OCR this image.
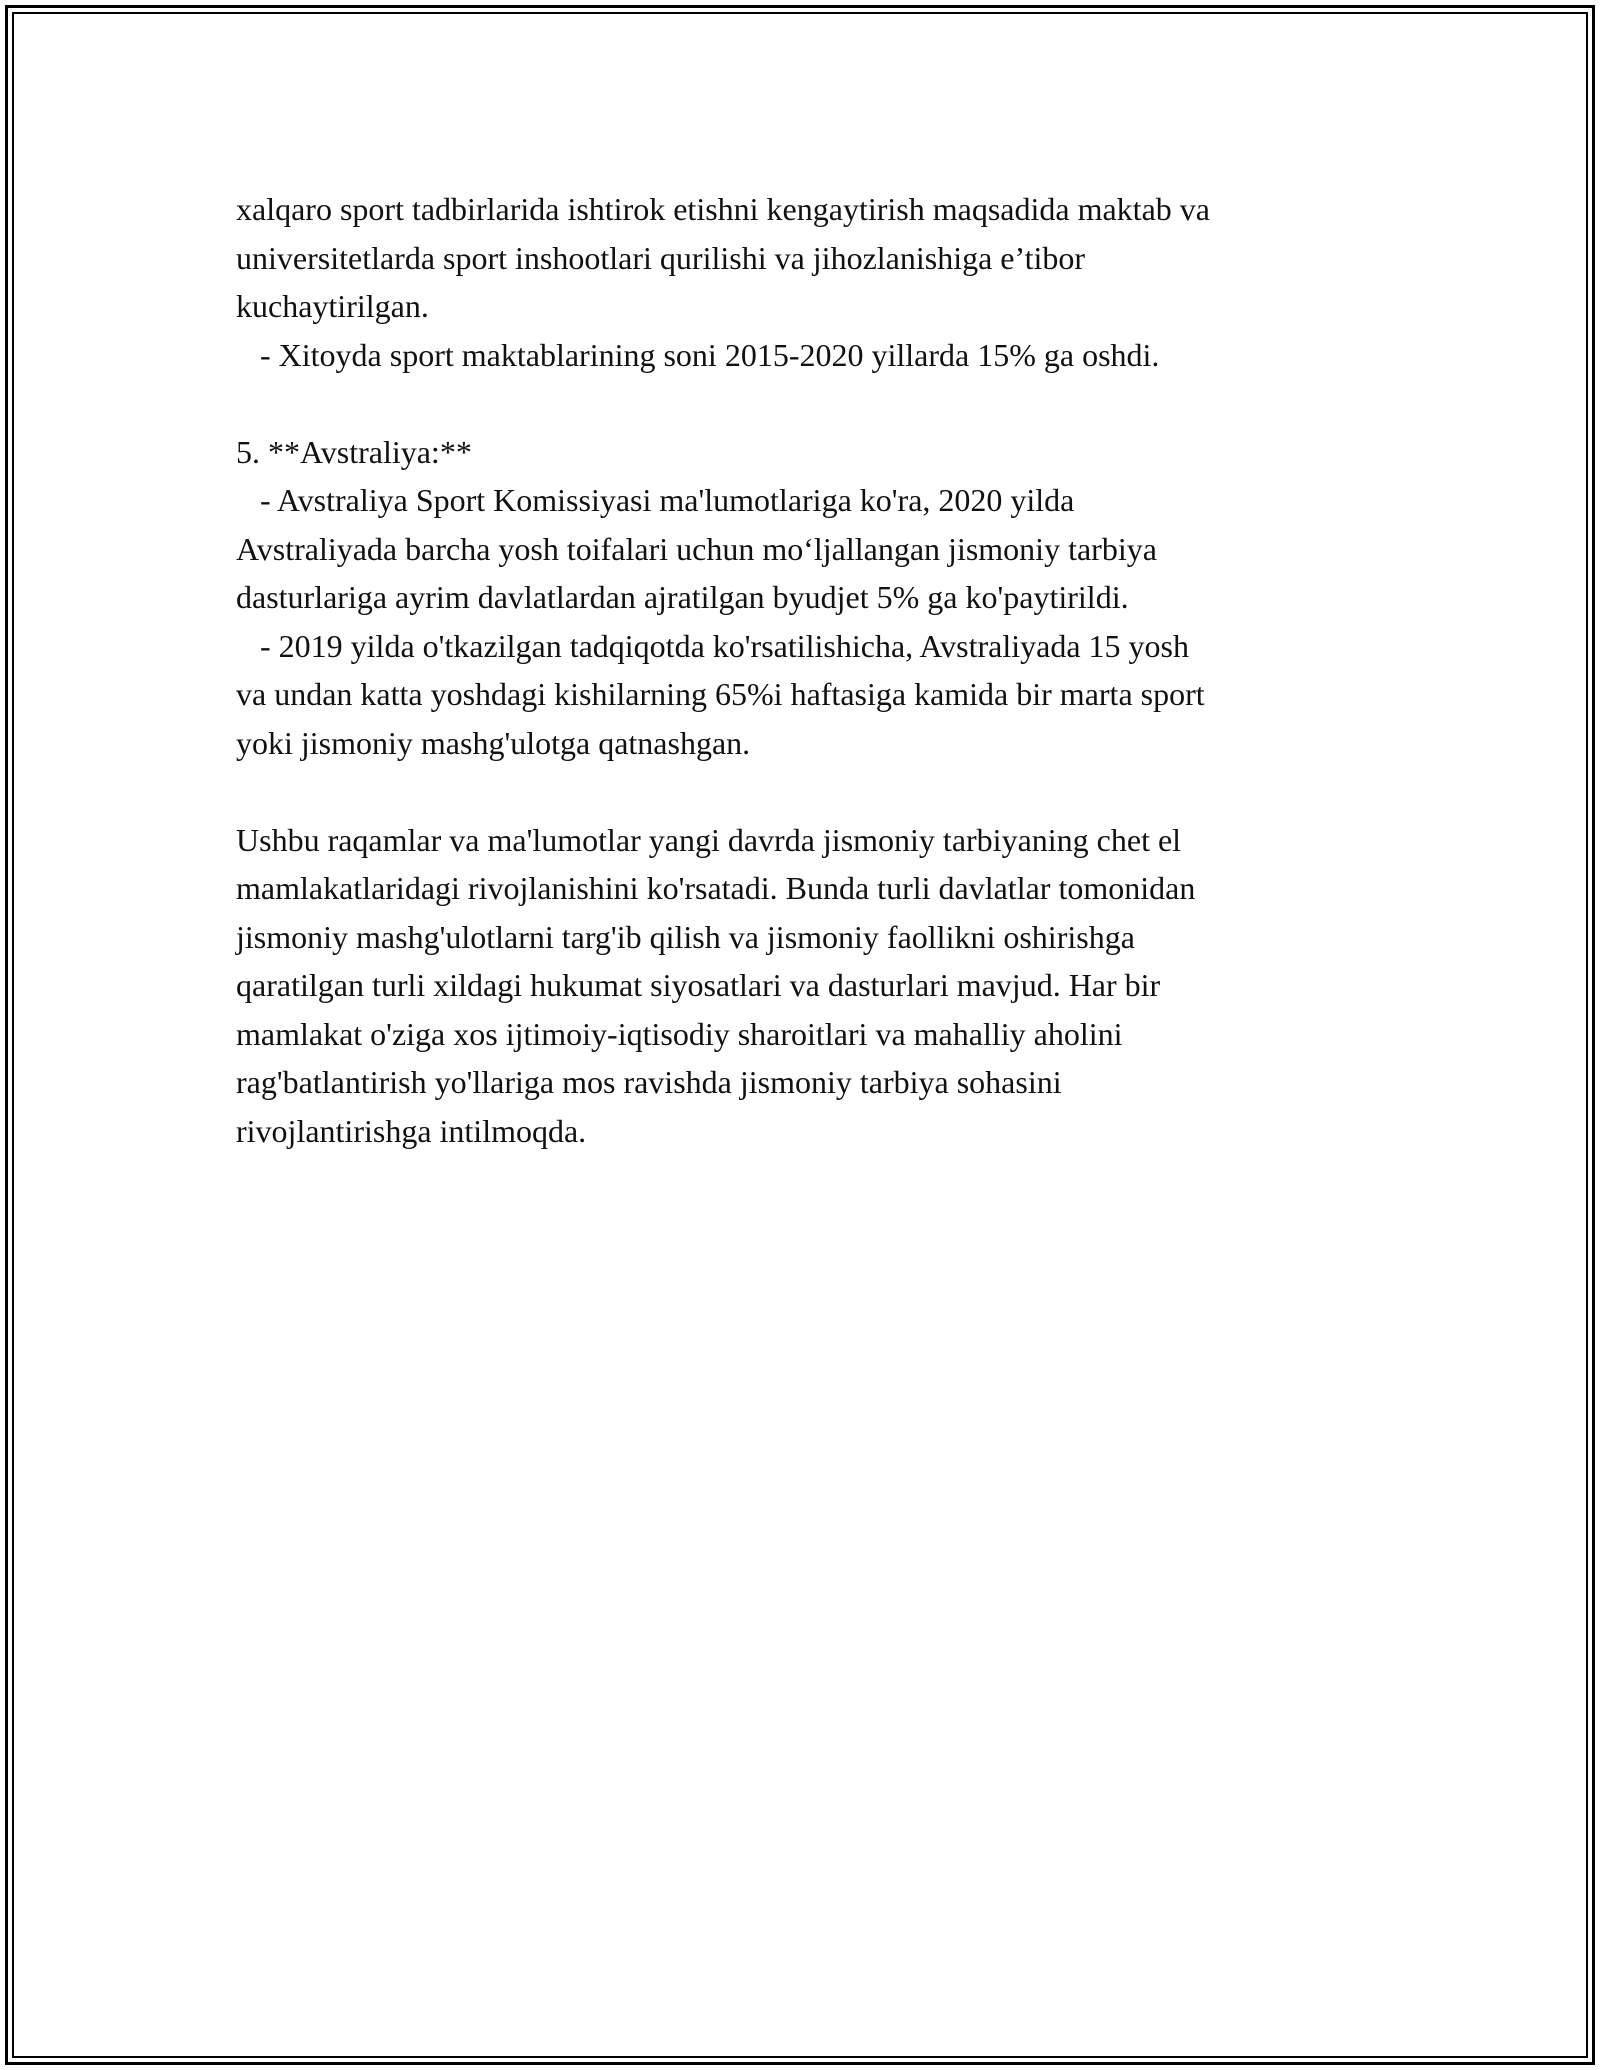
xalqaro sport tadbirlarida ishtirok etishni kengaytirish maqsadida maktab va
universitetlarda sport inshootlari qurilishi va jihozlanishiga e’tibor
kuchaytirilgan.
- Xitoyda sport maktablarining soni 2015-2020 yillarda 15% ga oshdi.
5. **Avstraliya:**
- Avstraliya Sport Komissiyasi ma'lumotlariga ko'ra, 2020 yilda
Avstraliyada barcha yosh toifalari uchun mo‘ljallangan jismoniy tarbiya
dasturlariga ayrim davlatlardan ajratilgan byudjet 5% ga ko'paytirildi.
- 2019 yilda o'tkazilgan tadqiqotda ko'rsatilishicha, Avstraliyada 15 yosh
va undan katta yoshdagi kishilarning 65%i haftasiga kamida bir marta sport
yoki jismoniy mashg'ulotga qatnashgan.
Ushbu raqamlar va ma'lumotlar yangi davrda jismoniy tarbiyaning chet el
mamlakatlaridagi rivojlanishini ko'rsatadi. Bunda turli davlatlar tomonidan
jismoniy mashg'ulotlarni targ'ib qilish va jismoniy faollikni oshirishga
qaratilgan turli xildagi hukumat siyosatlari va dasturlari mavjud. Har bir
mamlakat o'ziga xos ijtimoiy-iqtisodiy sharoitlari va mahalliy aholini
rag'batlantirish yo'llariga mos ravishda jismoniy tarbiya sohasini
rivojlantirishga intilmoqda.
